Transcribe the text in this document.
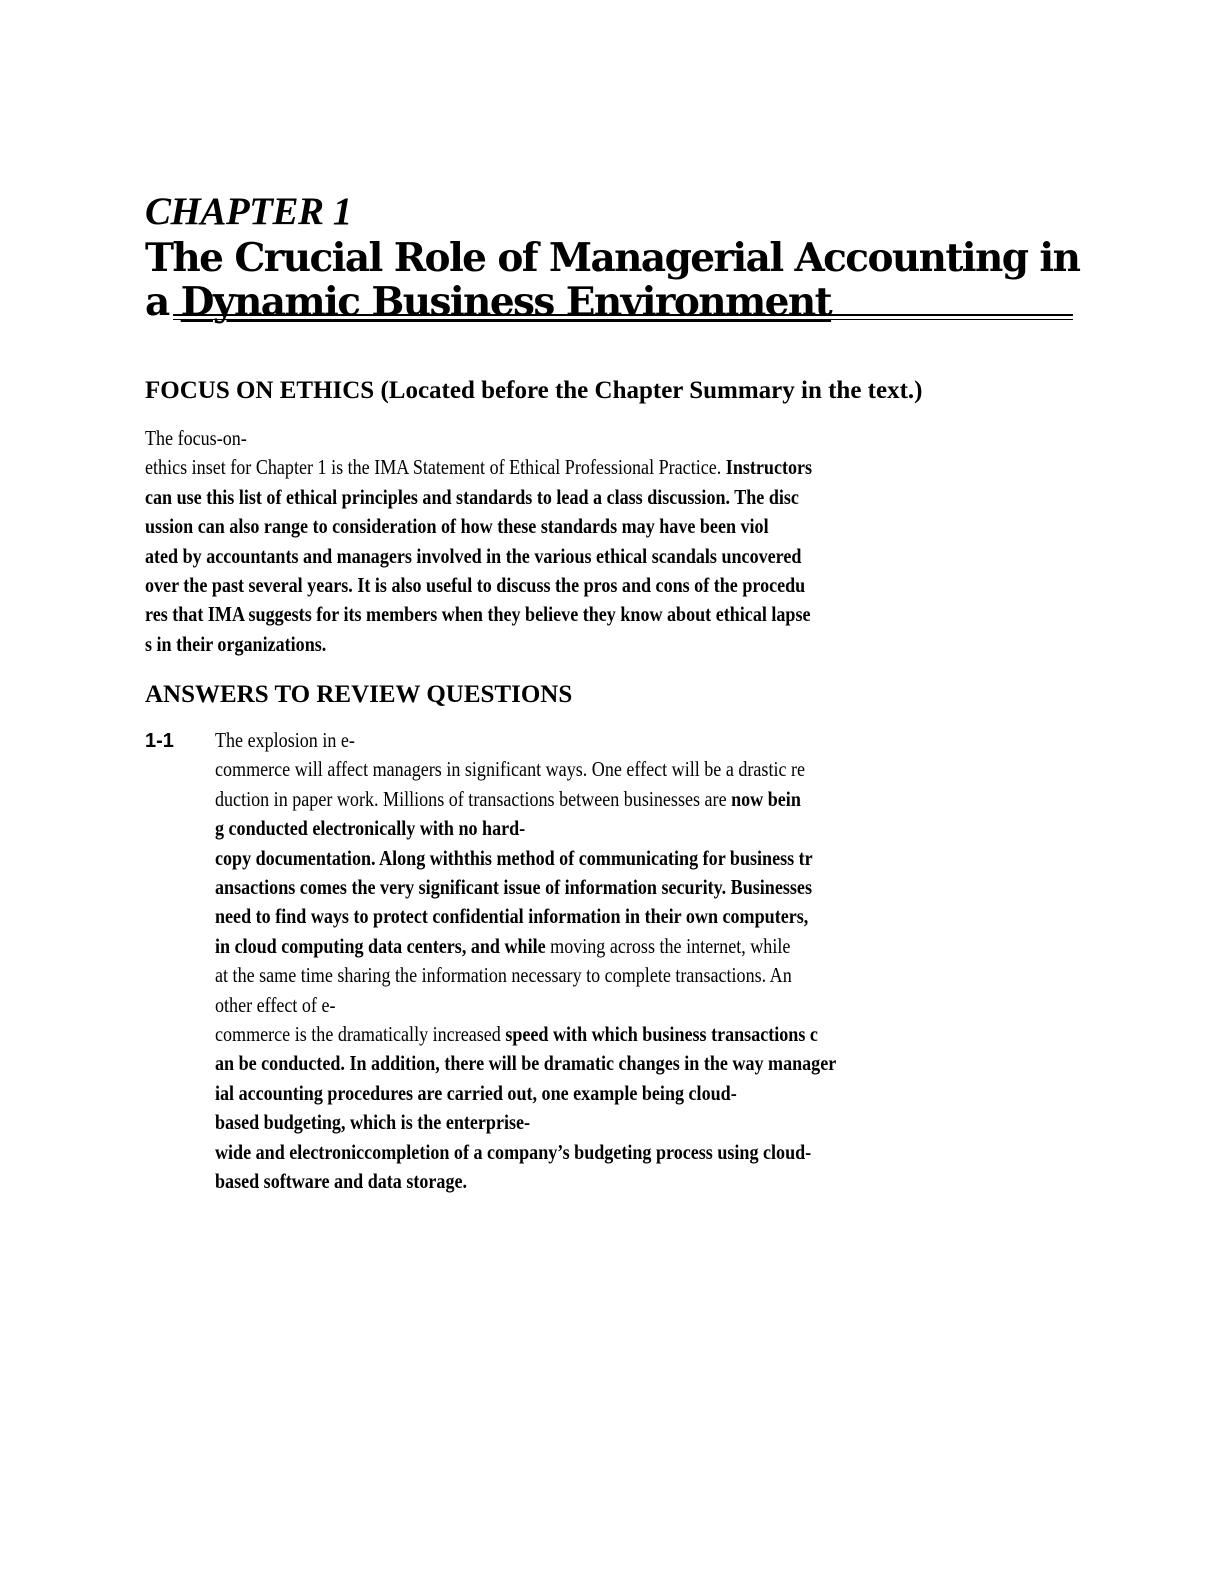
CHAPTER 1
The Crucial Role of Managerial Accounting in
a Dynamic Business Environment
FOCUS ON ETHICS (Located before the Chapter Summary in the text.)
The focus-on-
ethics inset for Chapter 1 is the IMA Statement of Ethical Professional Practice. Instructors
can use this list of ethical principles and standards to lead a class discussion. The disc
ussion can also range to consideration of how these standards may have been viol
ated by accountants and managers involved in the various ethical scandals uncovered
over the past several years. It is also useful to discuss the pros and cons of the procedu
res that IMA suggests for its members when they believe they know about ethical lapse
s in their organizations.
ANSWERS TO REVIEW QUESTIONS
1-1 The explosion in e-
commerce will affect managers in significant ways. One effect will be a drastic re
duction in paper work. Millions of transactions between businesses are now bein
g conducted electronically with no hard-
copy documentation. Along withthis method of communicating for business tr
ansactions comes the very significant issue of information security. Businesses
need to find ways to protect confidential information in their own computers,
in cloud computing data centers, and while moving across the internet, while
at the same time sharing the information necessary to complete transactions. An
other effect of e-
commerce is the dramatically increased speed with which business transactions c
an be conducted. In addition, there will be dramatic changes in the way manager
ial accounting procedures are carried out, one example being cloud-
based budgeting, which is the enterprise-
wide and electroniccompletion of a company’s budgeting process using cloud-
based software and data storage.
